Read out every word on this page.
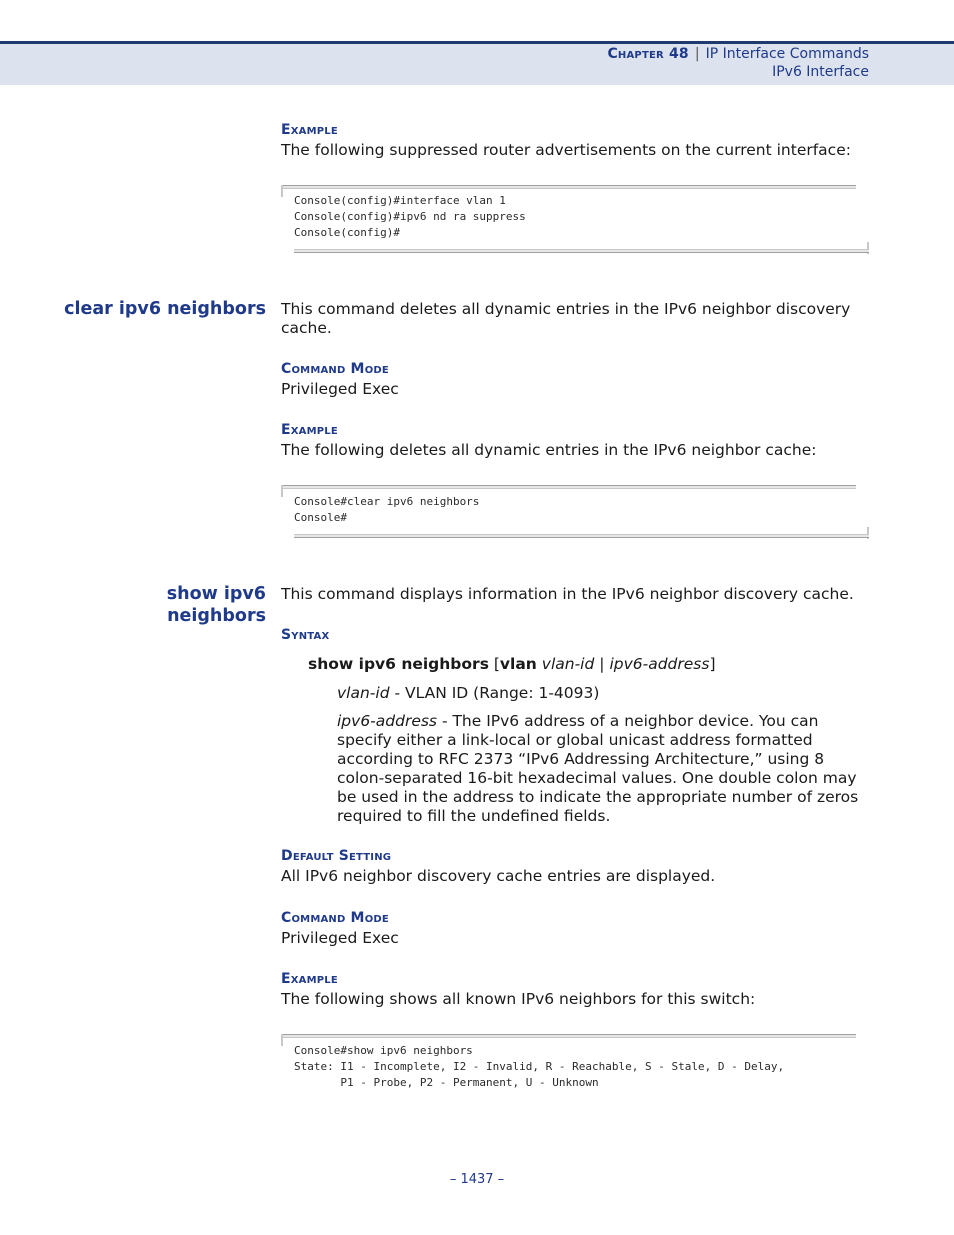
Chapter 48 | IP Interface Commands
IPv6 Interface
Example
The following suppressed router advertisements on the current interface:
Console(config)#interface vlan 1
Console(config)#ipv6 nd ra suppress
Console(config)#
clear ipv6 neighbors This command deletes all dynamic entries in the IPv6 neighbor discovery cache.
Command Mode
Privileged Exec
Example
The following deletes all dynamic entries in the IPv6 neighbor cache:
Console#clear ipv6 neighbors
Console#
show ipv6
neighbors
This command displays information in the IPv6 neighbor discovery cache.
Syntax
show ipv6 neighbors [vlan vlan-id | ipv6-address]
vlan-id - VLAN ID (Range: 1-4093)
ipv6-address - The IPv6 address of a neighbor device. You can specify either a link-local or global unicast address formatted according to RFC 2373 “IPv6 Addressing Architecture,” using 8 colon-separated 16-bit hexadecimal values. One double colon may be used in the address to indicate the appropriate number of zeros required to fill the undefined fields.
Default Setting
All IPv6 neighbor discovery cache entries are displayed.
Command Mode
Privileged Exec
Example
The following shows all known IPv6 neighbors for this switch:
Console#show ipv6 neighbors
State: I1 - Incomplete, I2 - Invalid, R - Reachable, S - Stale, D - Delay,
P1 - Probe, P2 - Permanent, U - Unknown
– 1437 –
